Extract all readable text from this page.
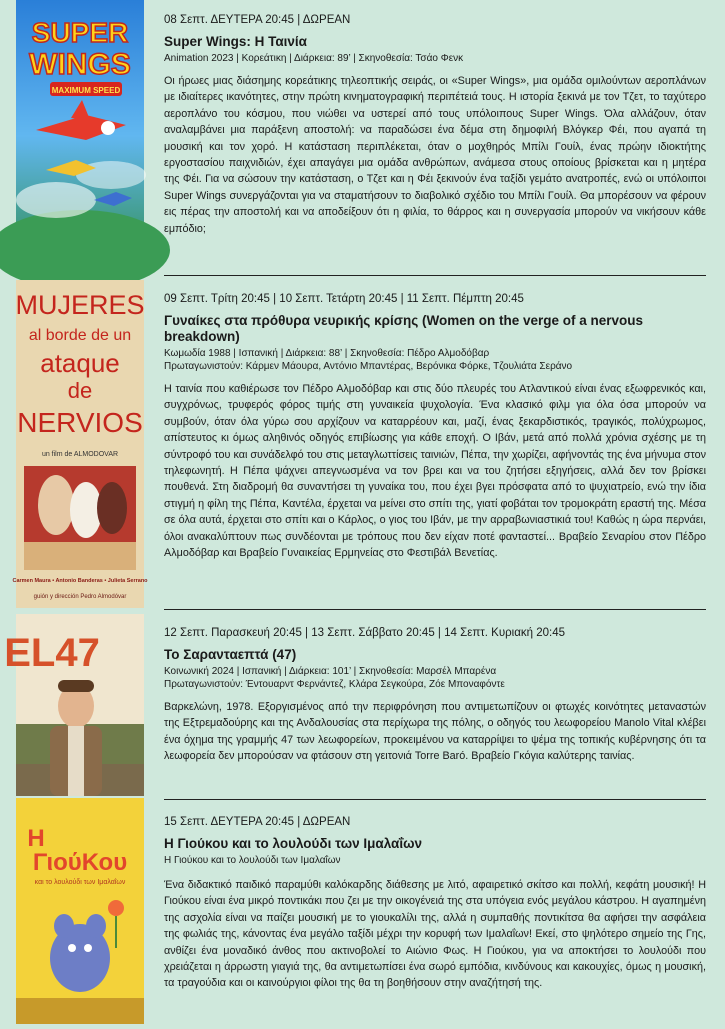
SUPER
WINGS
MAXIMUM SPEED

08 Σεπτ. ΔΕΥΤΕΡΑ 20:45 | ΔΩΡΕΑΝ

Super Wings: Η Ταινία

Animation 2023 | Κορεάτικη | Διάρκεια: 89’ | Σκηνοθεσία: Τσάο Φενκ

Οι ήρωες μιας διάσημης κορεάτικης τηλεοπτικής σειράς, οι «Super Wings», μια ομάδα ομιλούντων αεροπλάνων με ιδιαίτερες ικανότητες, στην πρώτη κινηματογραφική περιπέτειά τους. Η ιστορία ξεκινά με τον Τζετ, το ταχύτερο αεροπλάνο του κόσμου, που νιώθει να υστερεί από τους υπόλοιπους Super Wings. Όλα αλλάζουν, όταν αναλαμβάνει μια παράξενη αποστολή: να παραδώσει ένα δέμα στη δημοφιλή Βλόγκερ Φέι, που αγαπά τη μουσική και τον χορό. Η κατάσταση περιπλέκεται, όταν ο μοχθηρός Μπίλι Γουίλ, ένας πρώην ιδιοκτήτης εργοστασίου παιχνιδιών, έχει απαγάγει μια ομάδα ανθρώπων, ανάμεσα στους οποίους βρίσκεται και η μητέρα της Φέι. Για να σώσουν την κατάσταση, ο Τζετ και η Φέι ξεκινούν ένα ταξίδι γεμάτο ανατροπές, ενώ οι υπόλοιποι Super Wings συνεργάζονται για να σταματήσουν το διαβολικό σχέδιο του Μπίλι Γουίλ. Θα μπορέσουν να φέρουν εις πέρας την αποστολή και να αποδείξουν ότι η φιλία, το θάρρος και η συνεργασία μπορούν να νικήσουν κάθε εμπόδιο;

MUJERES
al borde de un
ataque
de
NERVIOS
un film de ALMODOVAR
Carmen Maura • Antonio Banderas • Julieta Serrano
guión y dirección Pedro Almodóvar

09 Σεπτ. Τρίτη 20:45 | 10 Σεπτ. Τετάρτη 20:45 | 11 Σεπτ. Πέμπτη 20:45

Γυναίκες στα πρόθυρα νευρικής κρίσης (Women on the verge of a nervous breakdown)

Κωμωδία 1988 | Ισπανική | Διάρκεια: 88’ | Σκηνοθεσία: Πέδρο Αλμοδόβαρ

Πρωταγωνιστούν: Κάρμεν Μάουρα, Αντόνιο Μπαντέρας, Βερόνικα Φόρκε, Τζουλιάτα Σεράνο

Η ταινία που καθιέρωσε τον Πέδρο Αλμοδόβαρ και στις δύο πλευρές του Ατλαντικού είναι ένας εξωφρενικός και, συγχρόνως, τρυφερός φόρος τιμής στη γυναικεία ψυχολογία. Ένα κλασικό φιλμ για όλα όσα μπορούν να συμβούν, όταν όλα γύρω σου αρχίζουν να καταρρέουν και, μαζί, ένας ξεκαρδιστικός, τραγικός, πολύχρωμος, απίστευτος κι όμως αληθινός οδηγός επιβίωσης για κάθε εποχή. Ο Ιβάν, μετά από πολλά χρόνια σχέσης με τη σύντροφό του και συνάδελφό του στις μεταγλωττίσεις ταινιών, Πέπα, την χωρίζει, αφήνοντάς της ένα μήνυμα στον τηλεφωνητή. Η Πέπα ψάχνει απεγνωσμένα να τον βρει και να του ζητήσει εξηγήσεις, αλλά δεν τον βρίσκει πουθενά. Στη διαδρομή θα συναντήσει τη γυναίκα του, που έχει βγει πρόσφατα από το ψυχιατρείο, ενώ την ίδια στιγμή η φίλη της Πέπα, Καντέλα, έρχεται να μείνει στο σπίτι της, γιατί φοβάται τον τρομοκράτη εραστή της. Μέσα σε όλα αυτά, έρχεται στο σπίτι και ο Κάρλος, ο γιος του Ιβάν, με την αρραβωνιαστικιά του! Καθώς η ώρα περνάει, όλοι ανακαλύπτουν πως συνδέονται με τρόπους που δεν είχαν ποτέ φανταστεί... Βραβείο Σεναρίου στον Πέδρο Αλμοδόβαρ και Βραβείο Γυναικείας Ερμηνείας στο Φεστιβάλ Βενετίας.

EL47	12 Σεπτ. Παρασκευή 20:45 | 13 Σεπτ. Σάββατο 20:45 | 14 Σεπτ. Κυριακή 20:45

Το Σαρανταεπτά (47)

Κοινωνική 2024 | Ισπανική | Διάρκεια: 101’ | Σκηνοθεσία: Μαρσέλ Μπαρένα

Πρωταγωνιστούν: Έντουαρντ Φερνάντεζ, Κλάρα Σεγκούρα, Ζόε Μποναφόντε

Βαρκελώνη, 1978. Εξοργισμένος από την περιφρόνηση που αντιμετωπίζουν οι φτωχές κοινότητες μεταναστών της Εξτρεμαδούρης και της Ανδαλουσίας στα περίχωρα της πόλης, ο οδηγός του λεωφορείου Manolo Vital κλέβει ένα όχημα της γραμμής 47 των λεωφορείων, προκειμένου να καταρρίψει το ψέμα της τοπικής κυβέρνησης ότι τα λεωφορεία δεν μπορούσαν να φτάσουν στη γειτονιά Torre Baró. Βραβείο Γκόγια καλύτερης ταινίας.

Η
ΓιούΚου
και το λουλούδι των Ιμαλαΐων

15 Σεπτ. ΔΕΥΤΕΡΑ 20:45 | ΔΩΡΕΑΝ

Η Γιούκου και το λουλούδι των Ιμαλαΐων

Η Γιούκου και το λουλούδι των Ιμαλαΐων

Ένα διδακτικό παιδικό παραμύθι καλόκαρδης διάθεσης με λιτό, αφαιρετικό σκίτσο και πολλή, κεφάτη μουσική! Η Γιούκου είναι ένα μικρό ποντικάκι που ζει με την οικογένειά της στα υπόγεια ενός μεγάλου κάστρου. Η αγαπημένη της ασχολία είναι να παίζει μουσική με το γιουκαλίλι της, αλλά η συμπαθής ποντικίτσα θα αφήσει την ασφάλεια της φωλιάς της, κάνοντας ένα μεγάλο ταξίδι μέχρι την κορυφή των Ιμαλαΐων! Εκεί, στο ψηλότερο σημείο της Γης, ανθίζει ένα μοναδικό άνθος που ακτινοβολεί το Αιώνιο Φως. Η Γιούκου, για να αποκτήσει το λουλούδι που χρειάζεται η άρρωστη γιαγιά της, θα αντιμετωπίσει ένα σωρό εμπόδια, κινδύνους και κακουχίες, όμως η μουσική, τα τραγούδια και οι καινούργιοι φίλοι της θα τη βοηθήσουν στην αναζήτησή της.
